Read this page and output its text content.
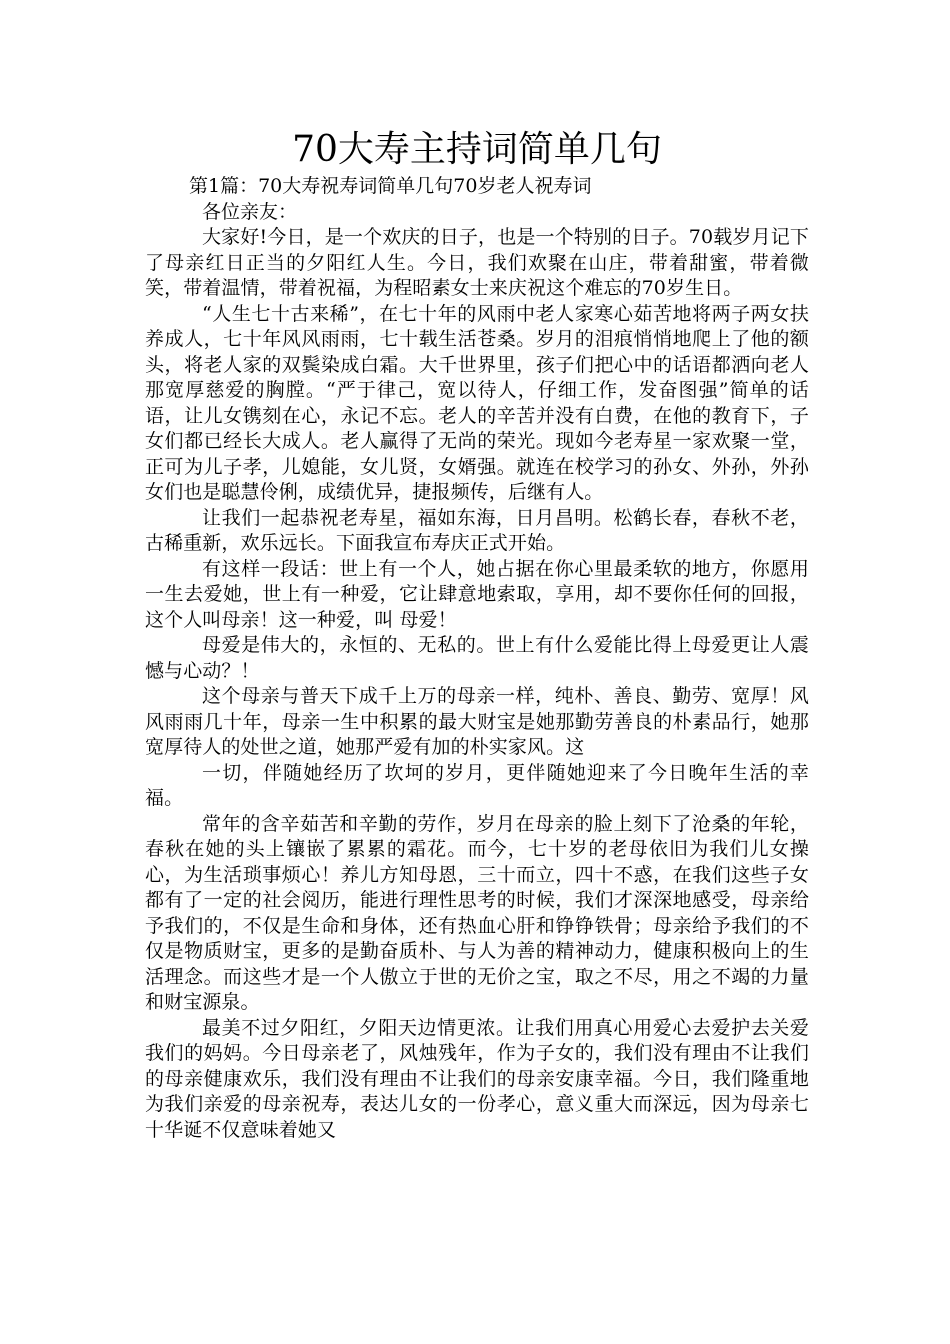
70大寿主持词简单几句

第1篇：70大寿祝寿词简单几句70岁老人祝寿词

各位亲友：

大家好!今日，是一个欢庆的日子，也是一个特别的日子。70载岁月记下了母亲红日正当的夕阳红人生。今日，我们欢聚在山庄，带着甜蜜，带着微笑，带着温情，带着祝福，为程昭素女士来庆祝这个难忘的70岁生日。

“人生七十古来稀”，在七十年的风雨中老人家寒心茹苦地将两子两女扶养成人，七十年风风雨雨，七十载生活苍桑。岁月的泪痕悄悄地爬上了他的额头，将老人家的双鬓染成白霜。大千世界里，孩子们把心中的话语都洒向老人那宽厚慈爱的胸膛。“严于律己，宽以待人，仔细工作，发奋图强”简单的话语，让儿女镌刻在心，永记不忘。老人的辛苦并没有白费，在他的教育下，子女们都已经长大成人。老人赢得了无尚的荣光。现如今老寿星一家欢聚一堂，正可为儿子孝，儿媳能，女儿贤，女婿强。就连在校学习的孙女、外孙，外孙女们也是聪慧伶俐，成绩优异，捷报频传，后继有人。

让我们一起恭祝老寿星，福如东海，日月昌明。松鹤长春，春秋不老，古稀重新，欢乐远长。下面我宣布寿庆正式开始。

有这样一段话：世上有一个人，她占据在你心里最柔软的地方，你愿用一生去爱她，世上有一种爱，它让肆意地索取，享用，却不要你任何的回报，这个人叫母亲！这一种爱，叫 母爱！

母爱是伟大的，永恒的、无私的。世上有什么爱能比得上母爱更让人震憾与心动？！

这个母亲与普天下成千上万的母亲一样，纯朴、善良、勤劳、宽厚！风风雨雨几十年，母亲一生中积累的最大财宝是她那勤劳善良的朴素品行，她那宽厚待人的处世之道，她那严爱有加的朴实家风。这

一切，伴随她经历了坎坷的岁月，更伴随她迎来了今日晚年生活的幸福。

常年的含辛茹苦和辛勤的劳作，岁月在母亲的脸上刻下了沧桑的年轮，春秋在她的头上镶嵌了累累的霜花。而今，七十岁的老母依旧为我们儿女操心，为生活琐事烦心！养儿方知母恩，三十而立，四十不惑，在我们这些子女都有了一定的社会阅历，能进行理性思考的时候，我们才深深地感受，母亲给予我们的，不仅是生命和身体，还有热血心肝和铮铮铁骨；母亲给予我们的不仅是物质财宝，更多的是勤奋质朴、与人为善的精神动力，健康积极向上的生活理念。而这些才是一个人傲立于世的无价之宝，取之不尽，用之不竭的力量和财宝源泉。

最美不过夕阳红，夕阳天边情更浓。让我们用真心用爱心去爱护去关爱我们的妈妈。今日母亲老了，风烛残年，作为子女的，我们没有理由不让我们的母亲健康欢乐，我们没有理由不让我们的母亲安康幸福。今日，我们隆重地为我们亲爱的母亲祝寿，表达儿女的一份孝心，意义重大而深远，因为母亲七十华诞不仅意味着她又
